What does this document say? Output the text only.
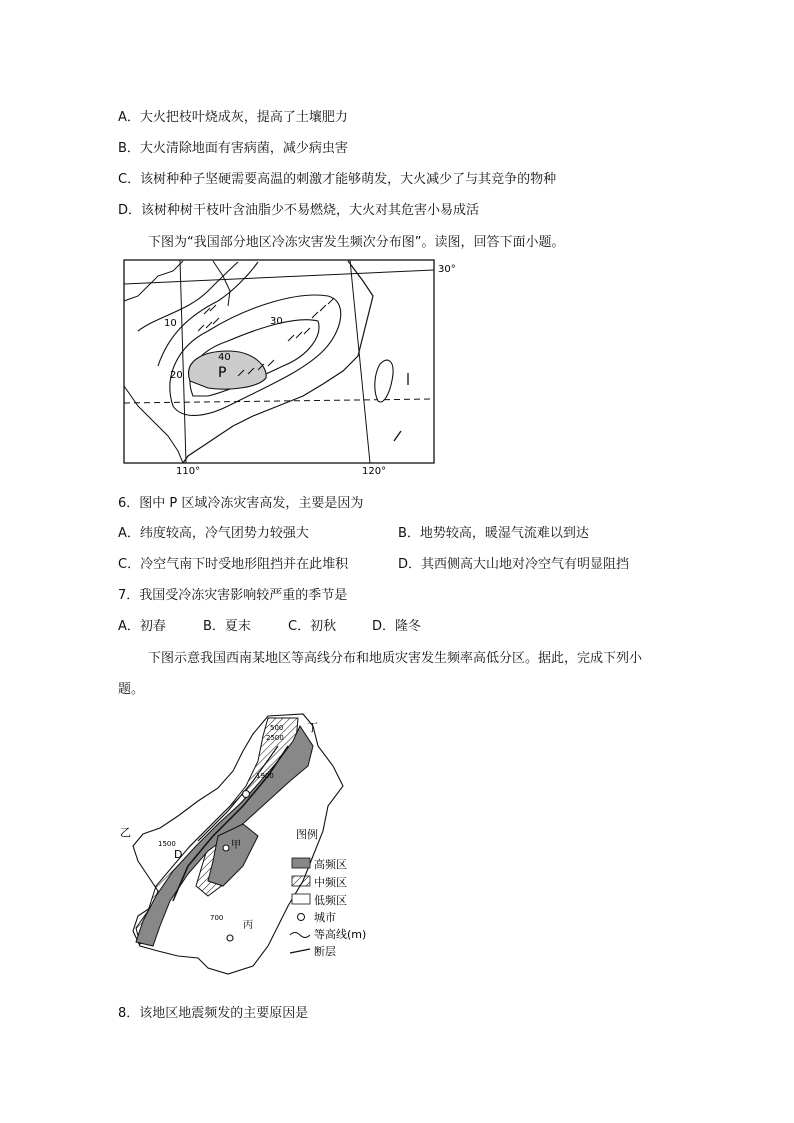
A．大火把枝叶烧成灰，提高了土壤肥力
B．大火清除地面有害病菌，减少病虫害
C．该树种种子坚硬需要高温的刺激才能够萌发，大火减少了与其竞争的物种
D．该树种树干枝叶含油脂少不易燃烧，大火对其危害小易成活
下图为“我国部分地区冷冻灾害发生频次分布图”。读图，回答下面小题。
30°
10
20
30
40
P
110°	120°
6．图中 P 区域冷冻灾害高发，主要是因为
A．纬度较高，冷气团势力较强大	B．地势较高，暖湿气流难以到达
C．冷空气南下时受地形阻挡并在此堆积	D．其西侧高大山地对冷空气有明显阻挡
7．我国受冷冻灾害影响较严重的季节是
A．初春	B．夏末	C．初秋	D．隆冬
下图示意我国西南某地区等高线分布和地质灾害发生频率高低分区。据此，完成下列小
题。
丁
乙
甲
丙
D
500
2500
1900
1500
700
图例
高频区
中频区
低频区
城市
等高线(m)
断层
8．该地区地震频发的主要原因是
